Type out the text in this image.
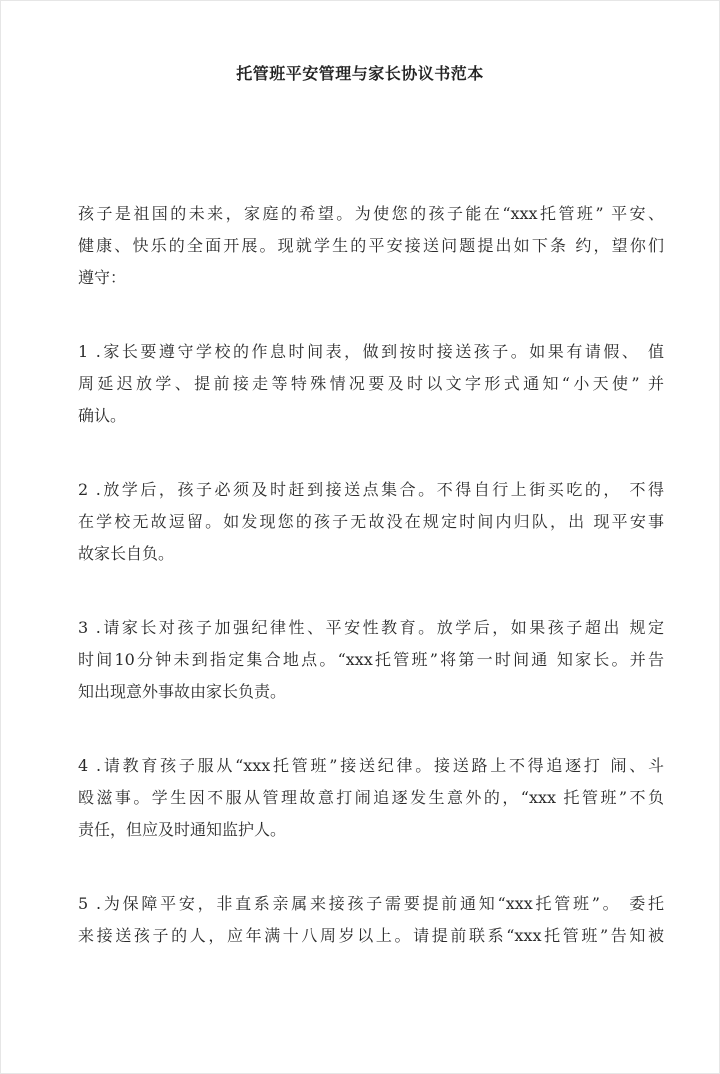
托管班平安管理与家长协议书范本
孩子是祖国的未来，家庭的希望。为使您的孩子能在“xxx托管班” 平安、
健康、快乐的全面开展。现就学生的平安接送问题提出如下条 约，望你们
遵守：
1 .家长要遵守学校的作息时间表，做到按时接送孩子。如果有请假、 值
周延迟放学、提前接走等特殊情况要及时以文字形式通知“小天使” 并
确认。
2 .放学后，孩子必须及时赶到接送点集合。不得自行上街买吃的， 不得
在学校无故逗留。如发现您的孩子无故没在规定时间内归队，出 现平安事
故家长自负。
3 .请家长对孩子加强纪律性、平安性教育。放学后，如果孩子超出 规定
时间10分钟未到指定集合地点。“xxx托管班”将第一时间通 知家长。并告
知出现意外事故由家长负责。
4 .请教育孩子服从“xxx托管班”接送纪律。接送路上不得追逐打 闹、斗
殴滋事。学生因不服从管理故意打闹追逐发生意外的，“xxx 托管班”不负
责任，但应及时通知监护人。
5 .为保障平安，非直系亲属来接孩子需要提前通知“xxx托管班”。 委托
来接送孩子的人，应年满十八周岁以上。请提前联系“xxx托管班”告知被
